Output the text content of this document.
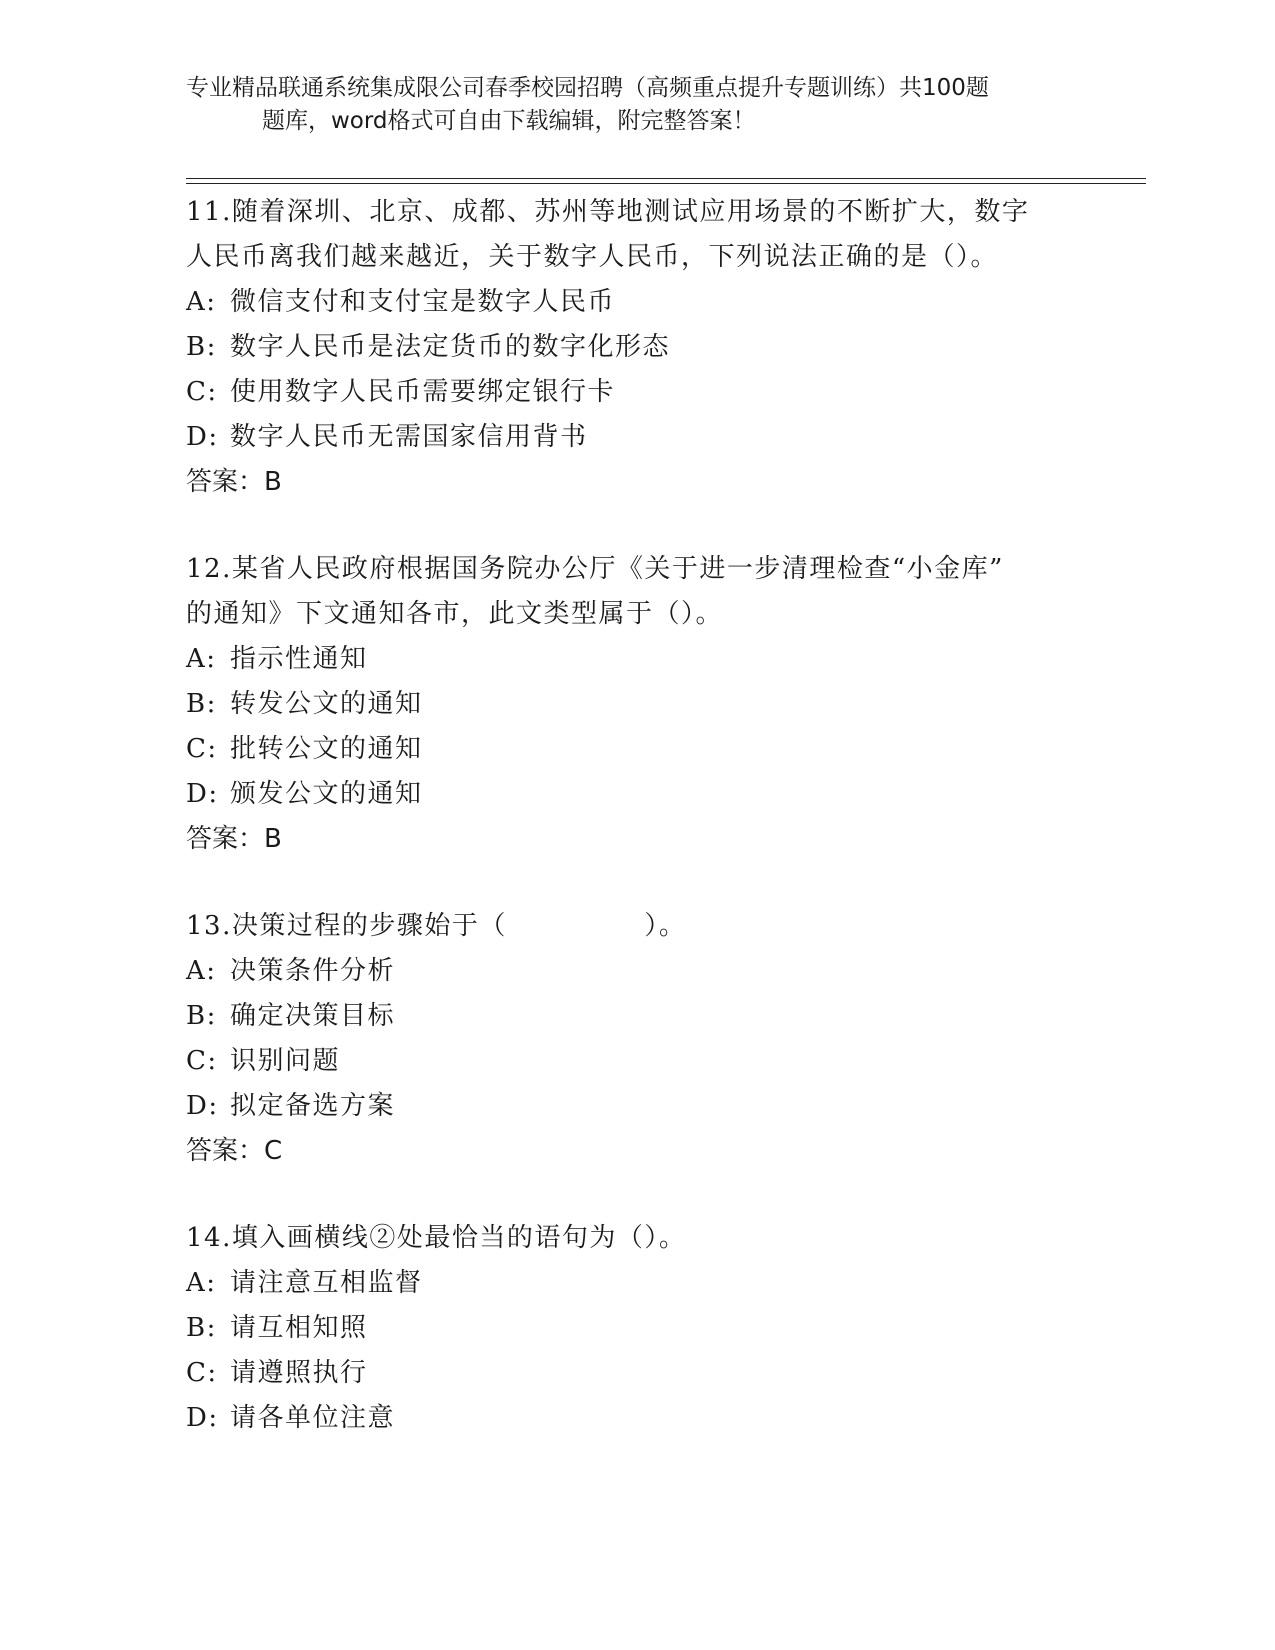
专业精品联通系统集成限公司春季校园招聘（高频重点提升专题训练）共100题
题库，word格式可自由下载编辑，附完整答案！
11.随着深圳、北京、成都、苏州等地测试应用场景的不断扩大，数字
人民币离我们越来越近，关于数字人民币，下列说法正确的是（）。
A: 微信支付和支付宝是数字人民币
B: 数字人民币是法定货币的数字化形态
C: 使用数字人民币需要绑定银行卡
D: 数字人民币无需国家信用背书
答案：B
12.某省人民政府根据国务院办公厅《关于进一步清理检查“小金库”
的通知》下文通知各市，此文类型属于（）。
A: 指示性通知
B: 转发公文的通知
C: 批转公文的通知
D: 颁发公文的通知
答案：B
13.决策过程的步骤始于（　　　　　）。
A: 决策条件分析
B: 确定决策目标
C: 识别问题
D: 拟定备选方案
答案：C
14.填入画横线②处最恰当的语句为（）。
A: 请注意互相监督
B: 请互相知照
C: 请遵照执行
D: 请各单位注意
